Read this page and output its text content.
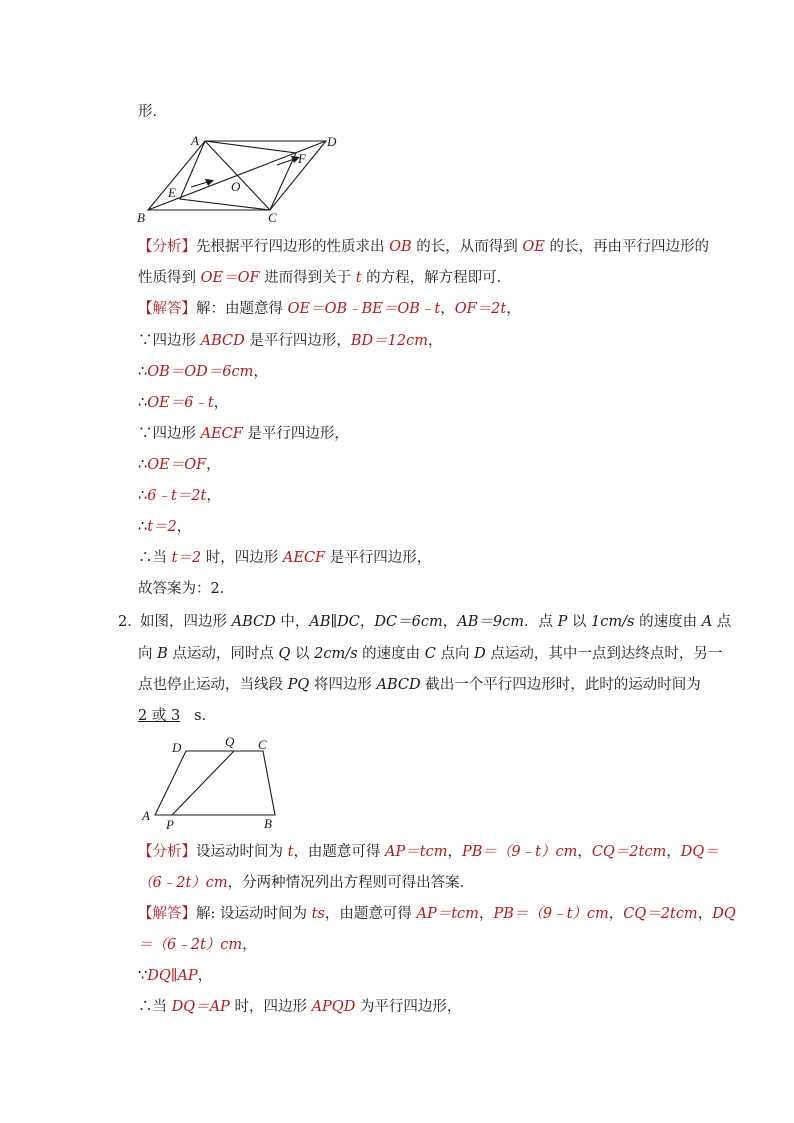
形．
A	D
B	C
E
F
O
【分析】先根据平行四边形的性质求出 OB 的长，从而得到 OE 的长，再由平行四边形的
性质得到 OE＝OF 进而得到关于 t 的方程，解方程即可．
【解答】解：由题意得 OE＝OB﹣BE＝OB﹣t，OF＝2t，
∵四边形 ABCD 是平行四边形，BD＝12cm，
∴OB＝OD＝6cm，
∴OE＝6﹣t，
∵四边形 AECF 是平行四边形，
∴OE＝OF，
∴6﹣t＝2t，
∴t＝2，
∴当 t＝2 时，四边形 AECF 是平行四边形，
故答案为：2．
2．
如图，四边形 ABCD 中，AB∥DC，DC＝6cm，AB＝9cm．点 P 以 1cm/s 的速度由 A 点
向 B 点运动，同时点 Q 以 2cm/s 的速度由 C 点向 D 点运动，其中一点到达终点时，另一
点也停止运动，当线段 PQ 将四边形 ABCD 截出一个平行四边形时，此时的运动时间为
2 或 3 s．
D	Q C
A
P	B
【分析】设运动时间为 t，由题意可得 AP＝tcm，PB＝（9﹣t）cm，CQ＝2tcm，DQ＝
（6﹣2t）cm，分两种情况列出方程则可得出答案．
【解答】解: 设运动时间为 ts，由题意可得 AP＝tcm，PB＝（9﹣t）cm，CQ＝2tcm，DQ
＝（6﹣2t）cm，
∵DQ∥AP，
∴当 DQ＝AP 时，四边形 APQD 为平行四边形，
